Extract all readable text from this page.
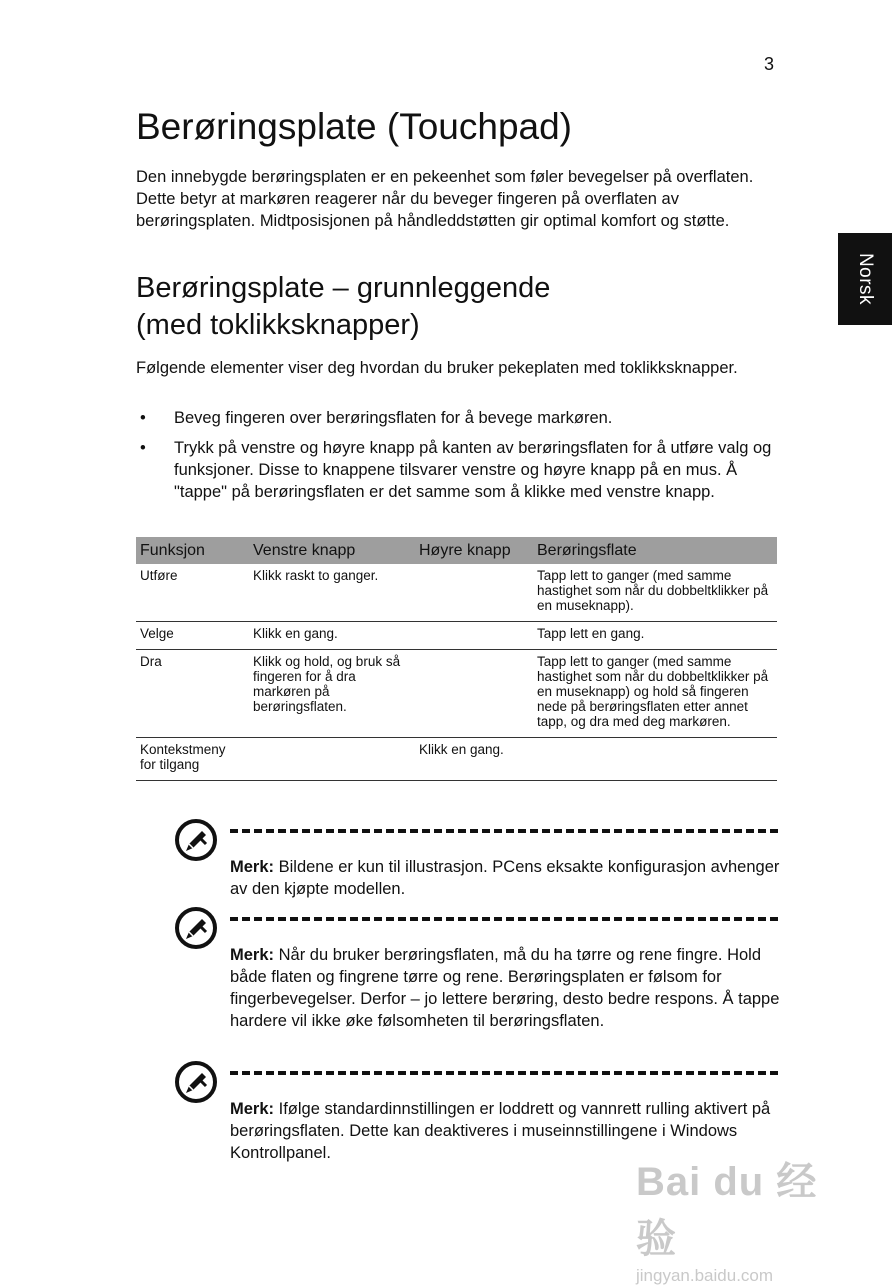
3
Norsk
Berøringsplate (Touchpad)

Den innebygde berøringsplaten er en pekeenhet som føler bevegelser på overflaten. Dette betyr at markøren reagerer når du beveger fingeren på overflaten av berøringsplaten. Midtposisjonen på håndleddstøtten gir optimal komfort og støtte.

Berøringsplate – grunnleggende
(med toklikksknapper)

Følgende elementer viser deg hvordan du bruker pekeplaten med toklikksknapper.

• Beveg fingeren over berøringsflaten for å bevege markøren.
• Trykk på venstre og høyre knapp på kanten av berøringsflaten for å utføre valg og funksjoner. Disse to knappene tilsvarer venstre og høyre knapp på en mus. Å "tappe" på berøringsflaten er det samme som å klikke med venstre knapp.
Funksjon	Venstre knapp	Høyre knapp	Berøringsflate
Utføre	Klikk raskt to ganger.		Tapp lett to ganger (med samme hastighet som når du dobbeltklikker på en museknapp).
Velge	Klikk en gang.		Tapp lett en gang.
Dra	Klikk og hold, og bruk så fingeren for å dra markøren på berøringsflaten.		Tapp lett to ganger (med samme hastighet som når du dobbeltklikker på en museknapp) og hold så fingeren nede på berøringsflaten etter annet tapp, og dra med deg markøren.
Kontekstmeny for tilgang		Klikk en gang.	
Merk: Bildene er kun til illustrasjon. PCens eksakte konfigurasjon avhenger av den kjøpte modellen.
Merk: Når du bruker berøringsflaten, må du ha tørre og rene fingre. Hold både flaten og fingrene tørre og rene. Berøringsplaten er følsom for fingerbevegelser. Derfor – jo lettere berøring, desto bedre respons. Å tappe hardere vil ikke øke følsomheten til berøringsflaten.
Merk: Ifølge standardinnstillingen er loddrett og vannrett rulling aktivert på berøringsflaten. Dette kan deaktiveres i museinnstillingene i Windows Kontrollpanel.
Bai du 经验
jingyan.baidu.com
